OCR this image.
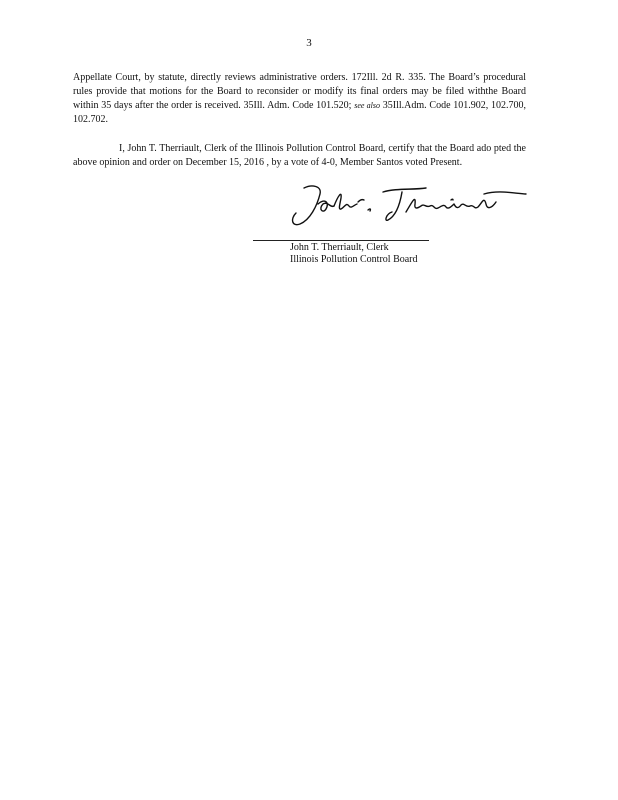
3

Appellate Court, by statute, directly reviews administrative orders. 172Ill. 2d R. 335. The Board’s procedural rules provide that motions for the Board to reconsider or modify its final orders may be filed withthe Board within 35 days after the order is received. 35Ill. Adm. Code 101.520; see also 35Ill.Adm. Code 101.902, 102.700, 102.702.

I, John T. Therriault, Clerk of the Illinois Pollution Control Board, certify that the Board ado pted the above opinion and order on December 15, 2016 , by a vote of 4-0, Member Santos voted Present.

John T. Therriault, Clerk
Illinois Pollution Control Board
